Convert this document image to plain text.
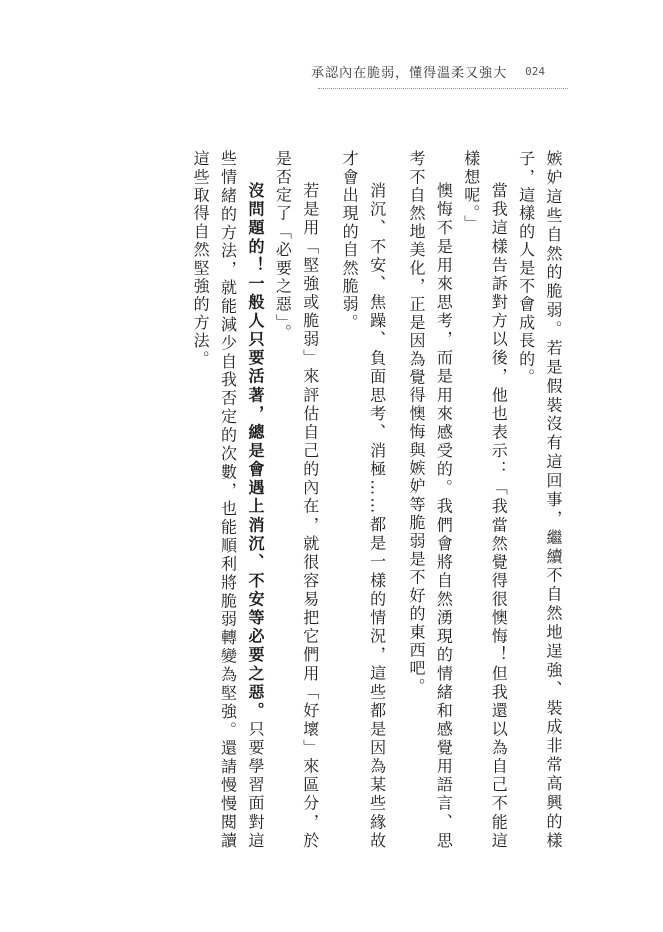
承認內在脆弱，懂得溫柔又強大 024

嫉妒這些自然的脆弱。若是假裝沒有這回事，繼續不自然地逞強、裝成非常高興的樣子，這樣的人是不會成長的。

當我這樣告訴對方以後，他也表示：「我當然覺得很懊悔！但我還以為自己不能這樣想呢。」

懊悔不是用來思考，而是用來感受的。我們會將自然湧現的情緒和感覺用語言、思考不自然地美化，正是因為覺得懊悔與嫉妒等脆弱是不好的東西吧。

消沉、不安、焦躁、負面思考、消極……都是一樣的情況，這些都是因為某些緣故才會出現的自然脆弱。

若是用「堅強或脆弱」來評估自己的內在，就很容易把它們用「好壞」來區分，於是否定了「必要之惡」。

沒問題的！一般人只要活著，總是會遇上消沉、不安等必要之惡。只要學習面對這些情緒的方法，就能減少自我否定的次數，也能順利將脆弱轉變為堅強。還請慢慢閱讀這些取得自然堅強的方法。
